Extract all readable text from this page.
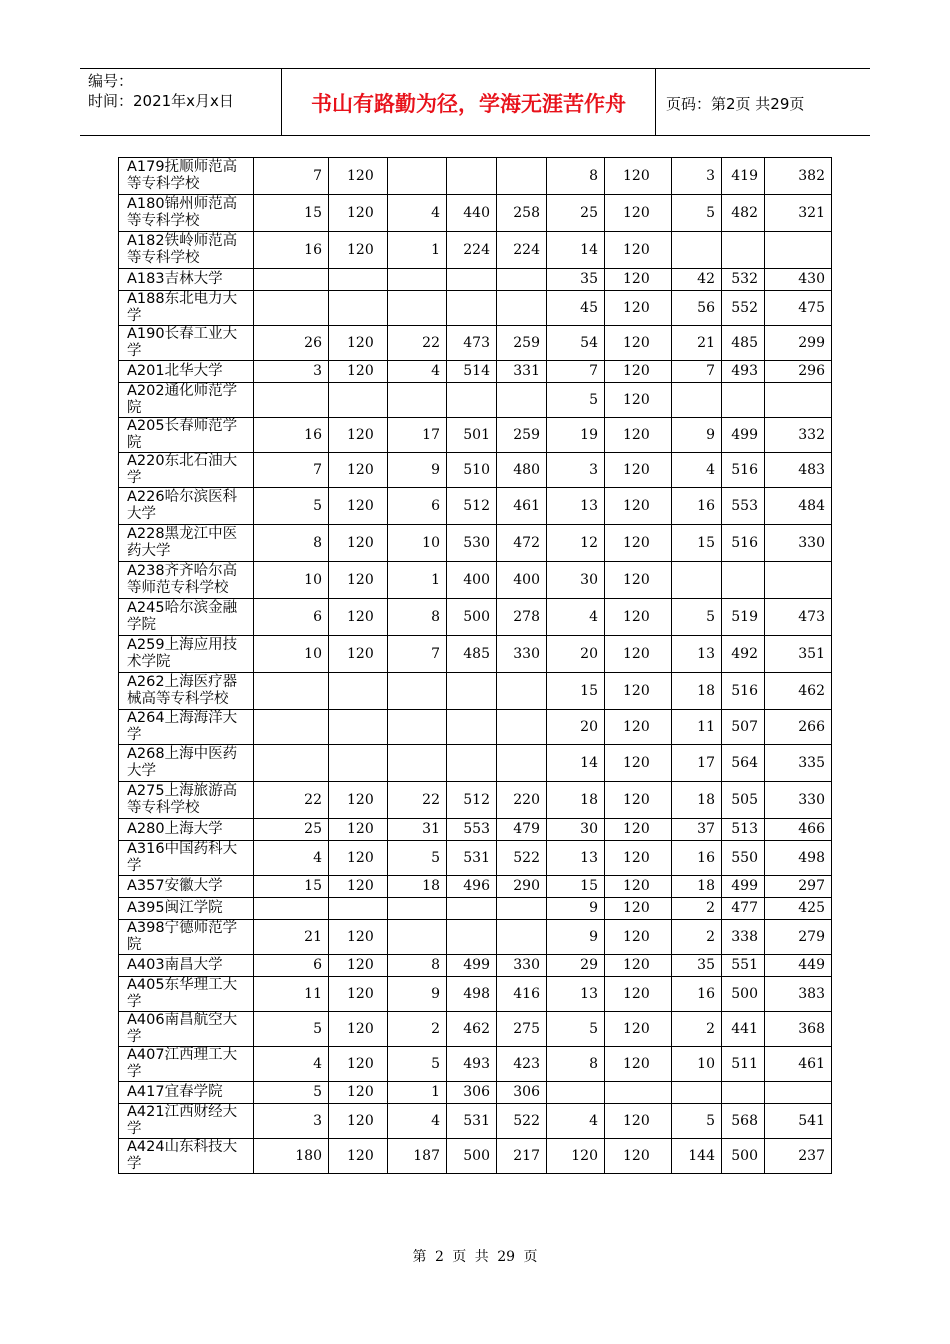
编号：
时间：2021年x月x日	书山有路勤为径，学海无涯苦作舟	页码：第2页 共29页
A179抚顺师范高等专科学校	7	120				8	120	3	419	382
A180锦州师范高等专科学校	15	120	4	440	258	25	120	5	482	321
A182铁岭师范高等专科学校	16	120	1	224	224	14	120			
A183吉林大学						35	120	42	532	430
A188东北电力大学						45	120	56	552	475
A190长春工业大学	26	120	22	473	259	54	120	21	485	299
A201北华大学	3	120	4	514	331	7	120	7	493	296
A202通化师范学院						5	120			
A205长春师范学院	16	120	17	501	259	19	120	9	499	332
A220东北石油大学	7	120	9	510	480	3	120	4	516	483
A226哈尔滨医科大学	5	120	6	512	461	13	120	16	553	484
A228黑龙江中医药大学	8	120	10	530	472	12	120	15	516	330
A238齐齐哈尔高等师范专科学校	10	120	1	400	400	30	120			
A245哈尔滨金融学院	6	120	8	500	278	4	120	5	519	473
A259上海应用技术学院	10	120	7	485	330	20	120	13	492	351
A262上海医疗器械高等专科学校						15	120	18	516	462
A264上海海洋大学						20	120	11	507	266
A268上海中医药大学						14	120	17	564	335
A275上海旅游高等专科学校	22	120	22	512	220	18	120	18	505	330
A280上海大学	25	120	31	553	479	30	120	37	513	466
A316中国药科大学	4	120	5	531	522	13	120	16	550	498
A357安徽大学	15	120	18	496	290	15	120	18	499	297
A395闽江学院						9	120	2	477	425
A398宁德师范学院	21	120				9	120	2	338	279
A403南昌大学	6	120	8	499	330	29	120	35	551	449
A405东华理工大学	11	120	9	498	416	13	120	16	500	383
A406南昌航空大学	5	120	2	462	275	5	120	2	441	368
A407江西理工大学	4	120	5	493	423	8	120	10	511	461
A417宜春学院	5	120	1	306	306					
A421江西财经大学	3	120	4	531	522	4	120	5	568	541
A424山东科技大学	180	120	187	500	217	120	120	144	500	237
第 2 页 共 29 页
